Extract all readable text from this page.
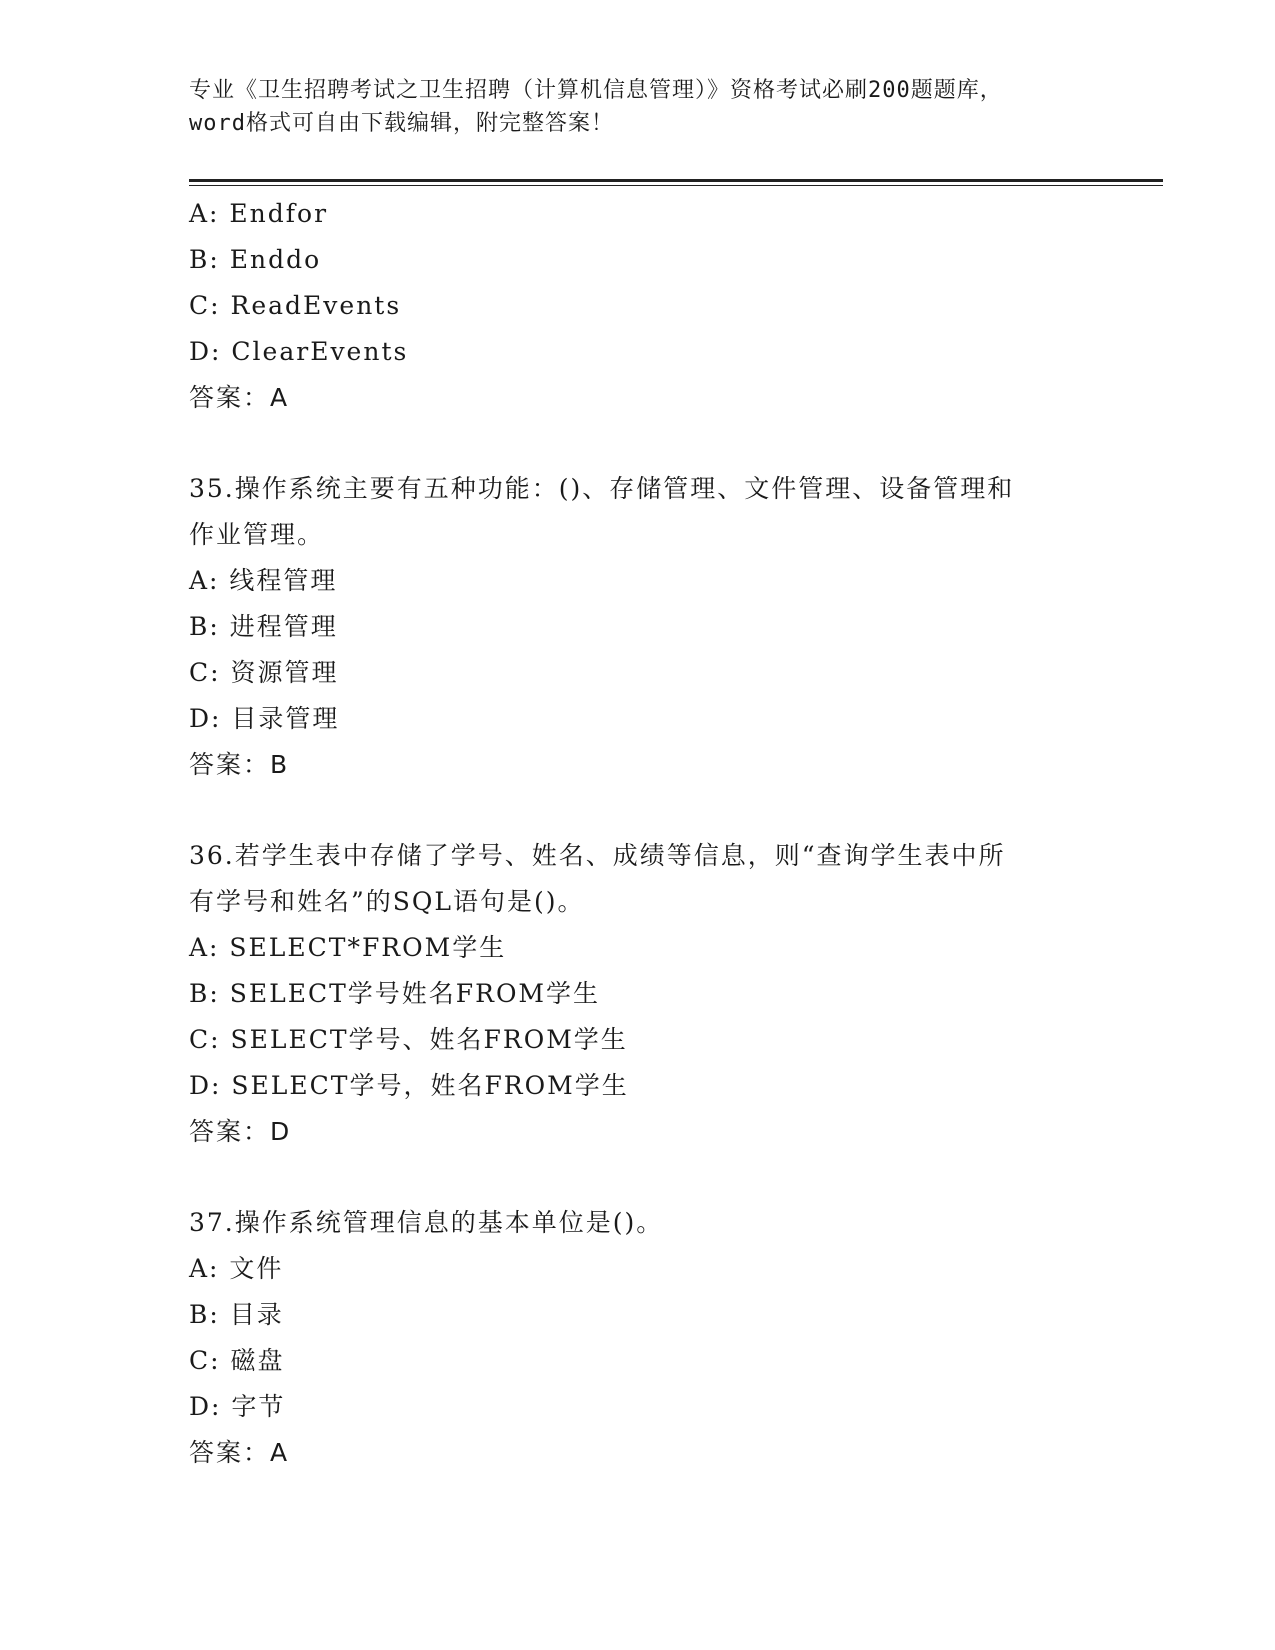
专业《卫生招聘考试之卫生招聘（计算机信息管理）》资格考试必刷200题题库，
word格式可自由下载编辑，附完整答案！
A: Endfor
B: Enddo
C: ReadEvents
D: ClearEvents
答案：A
35.操作系统主要有五种功能：()、存储管理、文件管理、设备管理和
作业管理。
A: 线程管理
B: 进程管理
C: 资源管理
D: 目录管理
答案：B
36.若学生表中存储了学号、姓名、成绩等信息，则“查询学生表中所
有学号和姓名”的SQL语句是()。
A: SELECT*FROM学生
B: SELECT学号姓名FROM学生
C: SELECT学号、姓名FROM学生
D: SELECT学号，姓名FROM学生
答案：D
37.操作系统管理信息的基本单位是()。
A: 文件
B: 目录
C: 磁盘
D: 字节
答案：A
